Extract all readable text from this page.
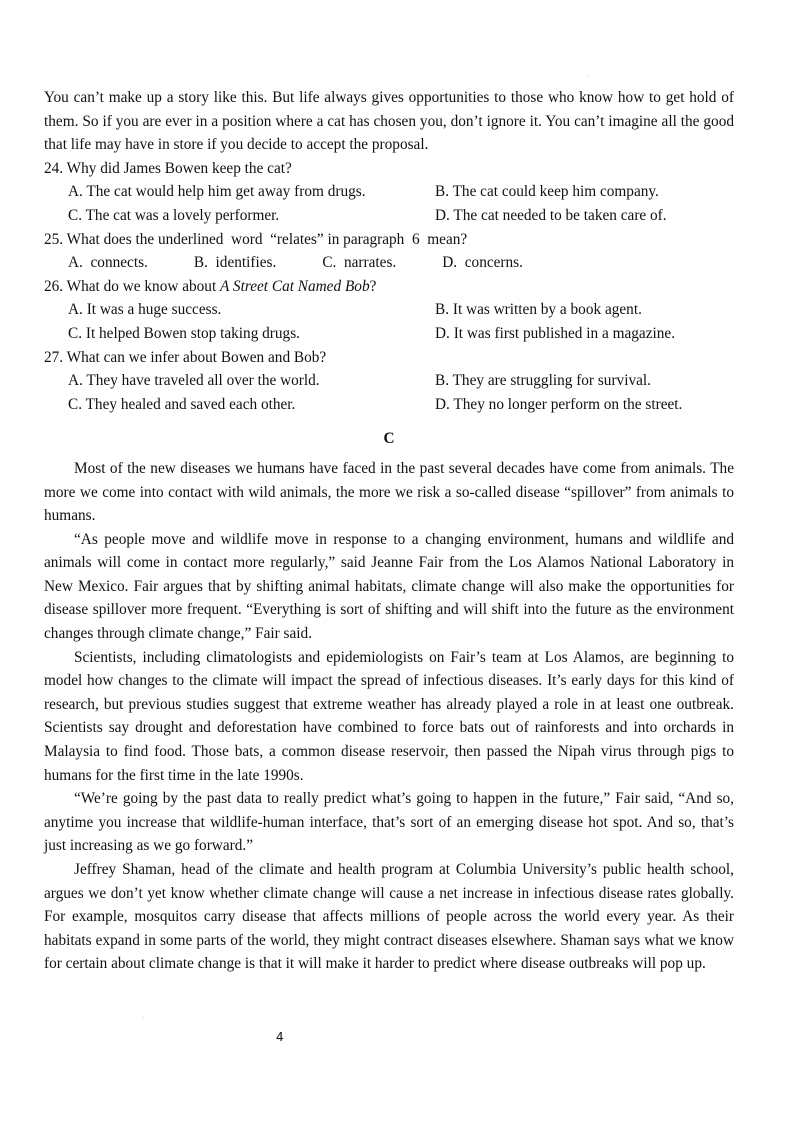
.

You can’t make up a story like this. But life always gives opportunities to those who know how to get hold of them. So if you are ever in a position where a cat has chosen you, don’t ignore it. You can’t imagine all the good that life may have in store if you decide to accept the proposal.

24. Why did James Bowen keep the cat?

A. The cat would help him get away from drugs.	B. The cat could keep him company.
C. The cat was a lovely performer.	D. The cat needed to be taken care of.

25. What does the underlined  word  “relates” in paragraph  6  mean?

A.  connects.	B.  identifies.	C.  narrates.	D.  concerns.

26. What do we know about A Street Cat Named Bob?

A. It was a huge success.	B. It was written by a book agent.
C. It helped Bowen stop taking drugs.	D. It was first published in a magazine.

27. What can we infer about Bowen and Bob?

A. They have traveled all over the world.	B. They are struggling for survival.
C. They healed and saved each other.	D. They no longer perform on the street.
C

Most of the new diseases we humans have faced in the past several decades have come from animals. The more we come into contact with wild animals, the more we risk a so-called disease “spillover” from animals to humans.

“As people move and wildlife move in response to a changing environment, humans and wildlife and animals will come in contact more regularly,” said Jeanne Fair from the Los Alamos National Laboratory in New Mexico. Fair argues that by shifting animal habitats, climate change will also make the opportunities for disease spillover more frequent. “Everything is sort of shifting and will shift into the future as the environment changes through climate change,” Fair said.

Scientists, including climatologists and epidemiologists on Fair’s team at Los Alamos, are beginning to model how changes to the climate will impact the spread of infectious diseases. It’s early days for this kind of research, but previous studies suggest that extreme weather has already played a role in at least one outbreak. Scientists say drought and deforestation have combined to force bats out of rainforests and into orchards in Malaysia to find food. Those bats, a common disease reservoir, then passed the Nipah virus through pigs to humans for the first time in the late 1990s.

“We’re going by the past data to really predict what’s going to happen in the future,” Fair said, “And so, anytime you increase that wildlife-human interface, that’s sort of an emerging disease hot spot. And so, that’s just increasing as we go forward.”

Jeffrey Shaman, head of the climate and health program at Columbia University’s public health school, argues we don’t yet know whether climate change will cause a net increase in infectious disease rates globally. For example, mosquitos carry disease that affects millions of people across the world every year. As their habitats expand in some parts of the world, they might contract diseases elsewhere. Shaman says what we know for certain about climate change is that it will make it harder to predict where disease outbreaks will pop up.

.
4
